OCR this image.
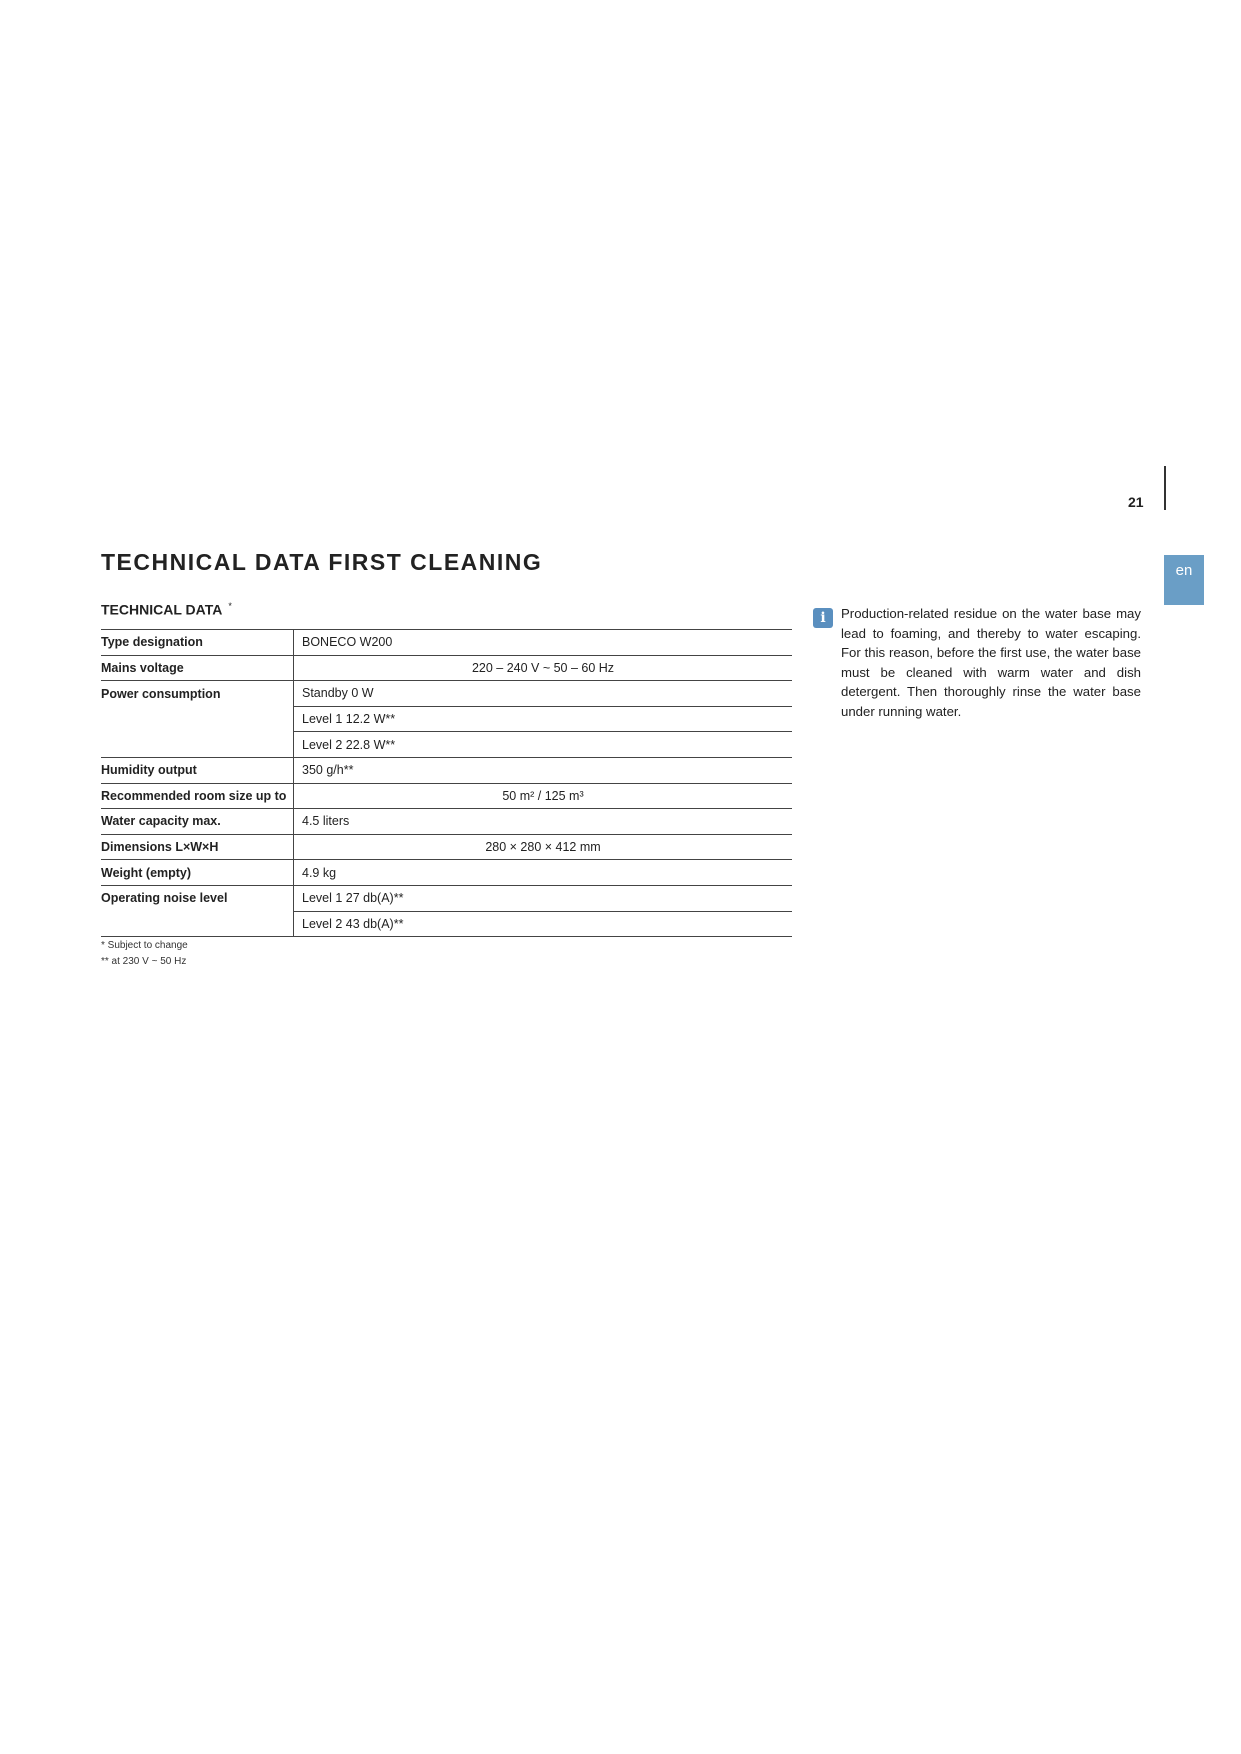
21
en
TECHNICAL DATA FIRST CLEANING
TECHNICAL DATA *
Type designation	BONECO W200
Mains voltage	220 – 240 V ~ 50 – 60 Hz
Power consumption	Standby 0 W
	Level 1 12.2 W**
	Level 2 22.8 W**
Humidity output	350 g/h**
Recommended room size up to	50 m² / 125 m³
Water capacity max.	4.5 liters
Dimensions L×W×H	280 × 280 × 412 mm
Weight (empty)	4.9 kg
Operating noise level	Level 1 27 db(A)**
	Level 2 43 db(A)**
* Subject to change
** at 230 V ~ 50 Hz
i	Production-related residue on the water base may lead to foaming, and thereby to water escaping. For this reason, before the first use, the water base must be cleaned with warm water and dish detergent. Then thoroughly rinse the water base under running water.
